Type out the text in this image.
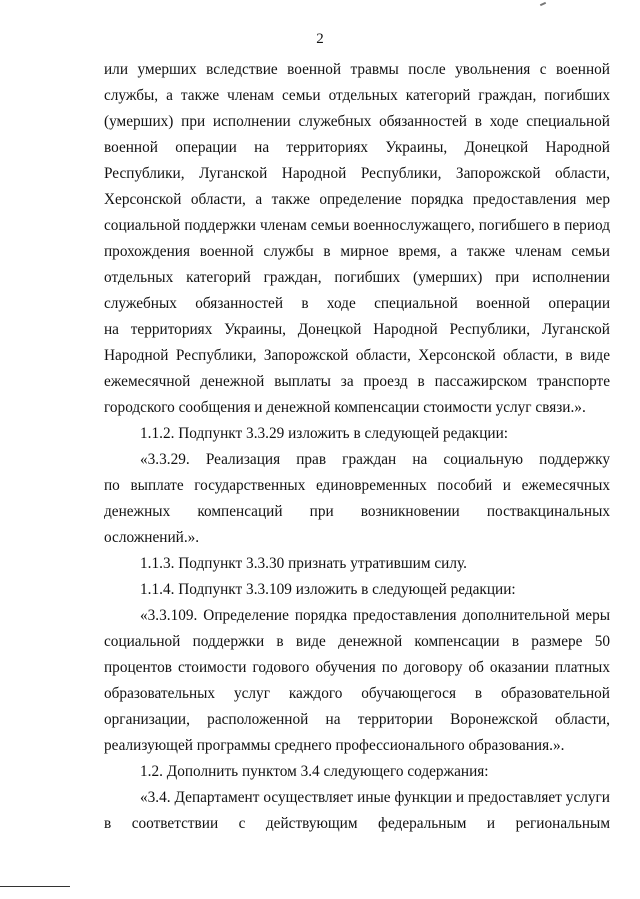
2
или умерших вследствие военной травмы после увольнения с военной
службы, а также членам семьи отдельных категорий граждан, погибших
(умерших) при исполнении служебных обязанностей в ходе специальной
военной операции на территориях Украины, Донецкой Народной
Республики, Луганской Народной Республики, Запорожской области,
Херсонской области, а также определение порядка предоставления мер
социальной поддержки членам семьи военнослужащего, погибшего в период
прохождения военной службы в мирное время, а также членам семьи
отдельных категорий граждан, погибших (умерших) при исполнении
служебных обязанностей в ходе специальной военной операции
на территориях Украины, Донецкой Народной Республики, Луганской
Народной Республики, Запорожской области, Херсонской области, в виде
ежемесячной денежной выплаты за проезд в пассажирском транспорте
городского сообщения и денежной компенсации стоимости услуг связи.».
1.1.2. Подпункт 3.3.29 изложить в следующей редакции:
«3.3.29. Реализация прав граждан на социальную поддержку
по выплате государственных единовременных пособий и ежемесячных
денежных компенсаций при возникновении поствакцинальных
осложнений.».
1.1.3. Подпункт 3.3.30 признать утратившим силу.
1.1.4. Подпункт 3.3.109 изложить в следующей редакции:
«3.3.109. Определение порядка предоставления дополнительной меры
социальной поддержки в виде денежной компенсации в размере 50
процентов стоимости годового обучения по договору об оказании платных
образовательных услуг каждого обучающегося в образовательной
организации, расположенной на территории Воронежской области,
реализующей программы среднего профессионального образования.».
1.2. Дополнить пунктом 3.4 следующего содержания:
«3.4. Департамент осуществляет иные функции и предоставляет услуги
в соответствии с действующим федеральным и региональным
